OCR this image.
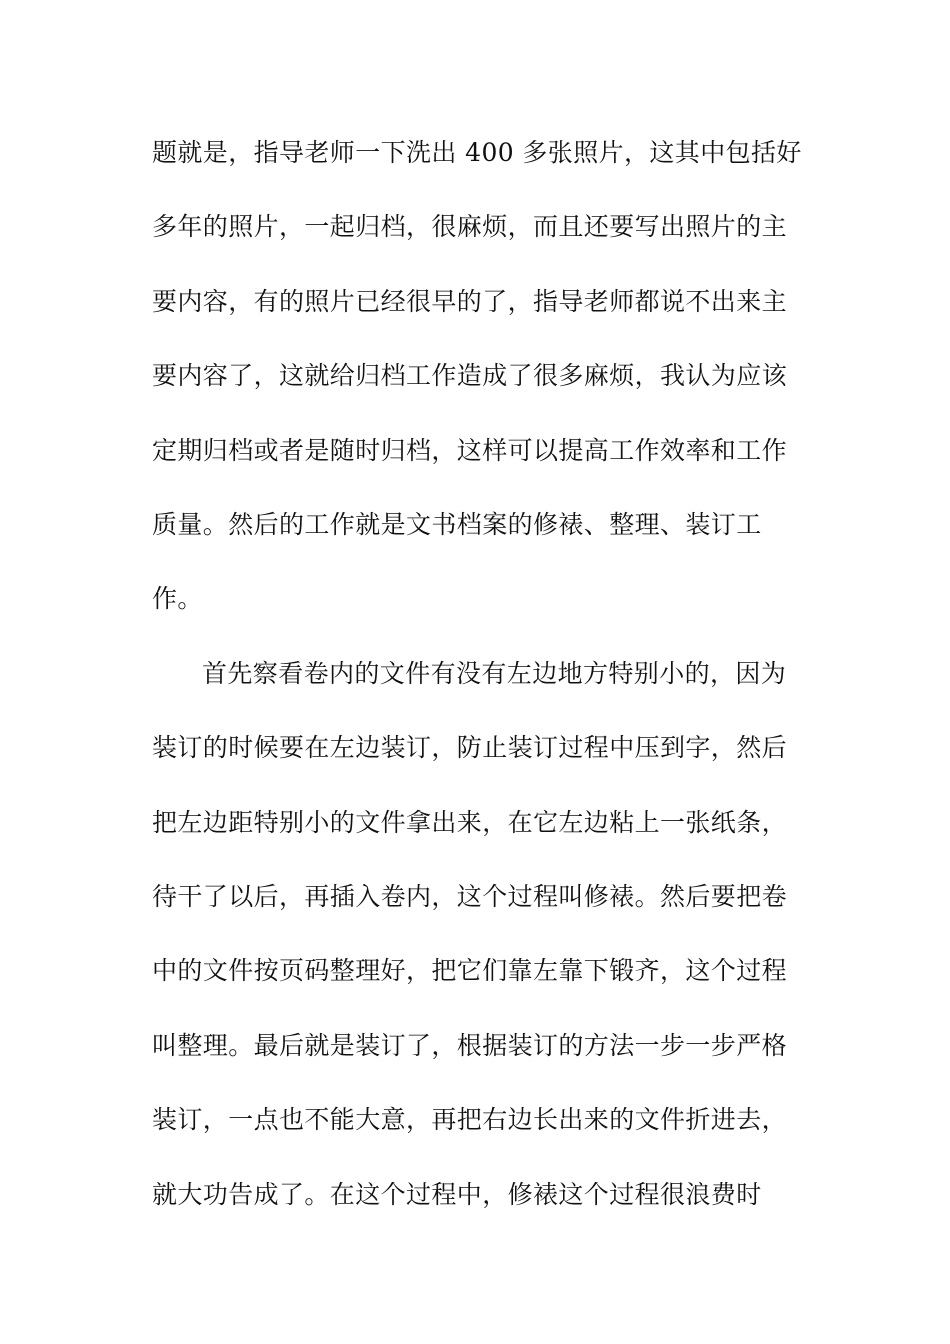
题就是，指导老师一下洗出 400 多张照片，这其中包括好
多年的照片，一起归档，很麻烦，而且还要写出照片的主
要内容，有的照片已经很早的了，指导老师都说不出来主
要内容了，这就给归档工作造成了很多麻烦，我认为应该
定期归档或者是随时归档，这样可以提高工作效率和工作
质量。然后的工作就是文书档案的修裱、整理、装订工
作。
首先察看卷内的文件有没有左边地方特别小的，因为
装订的时候要在左边装订，防止装订过程中压到字，然后
把左边距特别小的文件拿出来，在它左边粘上一张纸条，
待干了以后，再插入卷内，这个过程叫修裱。然后要把卷
中的文件按页码整理好，把它们靠左靠下锻齐，这个过程
叫整理。最后就是装订了，根据装订的方法一步一步严格
装订，一点也不能大意，再把右边长出来的文件折进去，
就大功告成了。在这个过程中，修裱这个过程很浪费时
